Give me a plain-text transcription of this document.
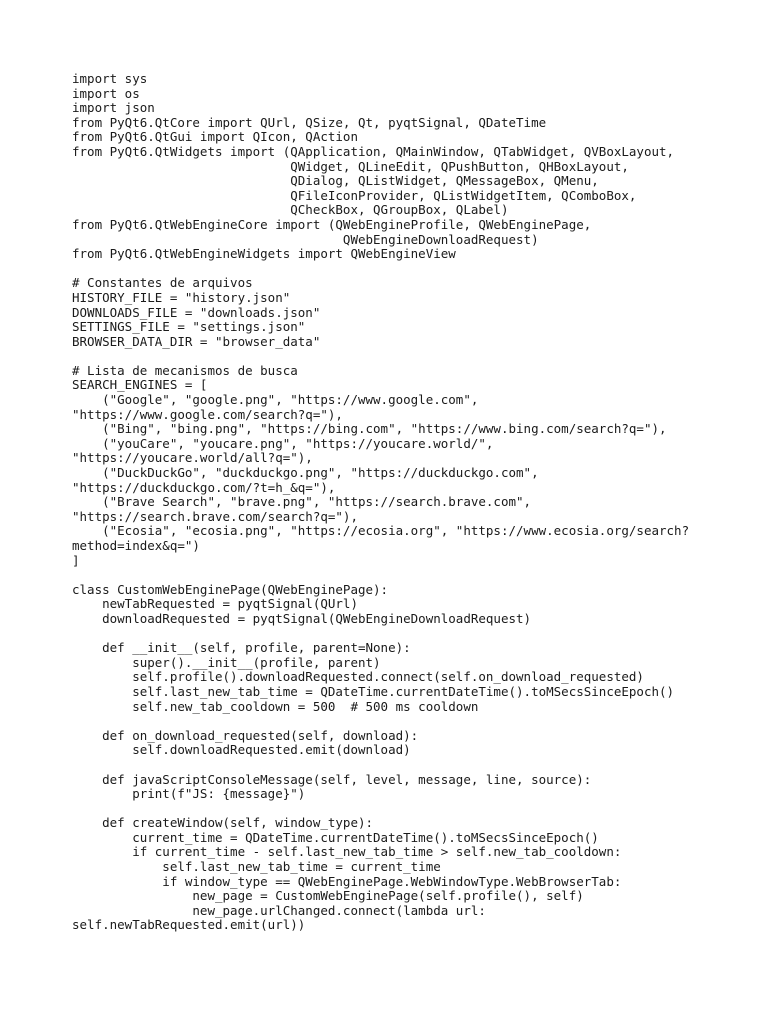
import sys
import os
import json
from PyQt6.QtCore import QUrl, QSize, Qt, pyqtSignal, QDateTime
from PyQt6.QtGui import QIcon, QAction
from PyQt6.QtWidgets import (QApplication, QMainWindow, QTabWidget, QVBoxLayout,
QWidget, QLineEdit, QPushButton, QHBoxLayout,
QDialog, QListWidget, QMessageBox, QMenu,
QFileIconProvider, QListWidgetItem, QComboBox,
QCheckBox, QGroupBox, QLabel)
from PyQt6.QtWebEngineCore import (QWebEngineProfile, QWebEnginePage,
QWebEngineDownloadRequest)
from PyQt6.QtWebEngineWidgets import QWebEngineView

# Constantes de arquivos
HISTORY_FILE = "history.json"
DOWNLOADS_FILE = "downloads.json"
SETTINGS_FILE = "settings.json"
BROWSER_DATA_DIR = "browser_data"

# Lista de mecanismos de busca
SEARCH_ENGINES = [
("Google", "google.png", "https://www.google.com",
"https://www.google.com/search?q="),
("Bing", "bing.png", "https://bing.com", "https://www.bing.com/search?q="),
("youCare", "youcare.png", "https://youcare.world/",
"https://youcare.world/all?q="),
("DuckDuckGo", "duckduckgo.png", "https://duckduckgo.com",
"https://duckduckgo.com/?t=h_&q="),
("Brave Search", "brave.png", "https://search.brave.com",
"https://search.brave.com/search?q="),
("Ecosia", "ecosia.png", "https://ecosia.org", "https://www.ecosia.org/search?
method=index&q=")
]

class CustomWebEnginePage(QWebEnginePage):
newTabRequested = pyqtSignal(QUrl)
downloadRequested = pyqtSignal(QWebEngineDownloadRequest)

def __init__(self, profile, parent=None):
super().__init__(profile, parent)
self.profile().downloadRequested.connect(self.on_download_requested)
self.last_new_tab_time = QDateTime.currentDateTime().toMSecsSinceEpoch()
self.new_tab_cooldown = 500  # 500 ms cooldown

def on_download_requested(self, download):
self.downloadRequested.emit(download)

def javaScriptConsoleMessage(self, level, message, line, source):
print(f"JS: {message}")

def createWindow(self, window_type):
current_time = QDateTime.currentDateTime().toMSecsSinceEpoch()
if current_time - self.last_new_tab_time > self.new_tab_cooldown:
self.last_new_tab_time = current_time
if window_type == QWebEnginePage.WebWindowType.WebBrowserTab:
new_page = CustomWebEnginePage(self.profile(), self)
new_page.urlChanged.connect(lambda url:
self.newTabRequested.emit(url))
